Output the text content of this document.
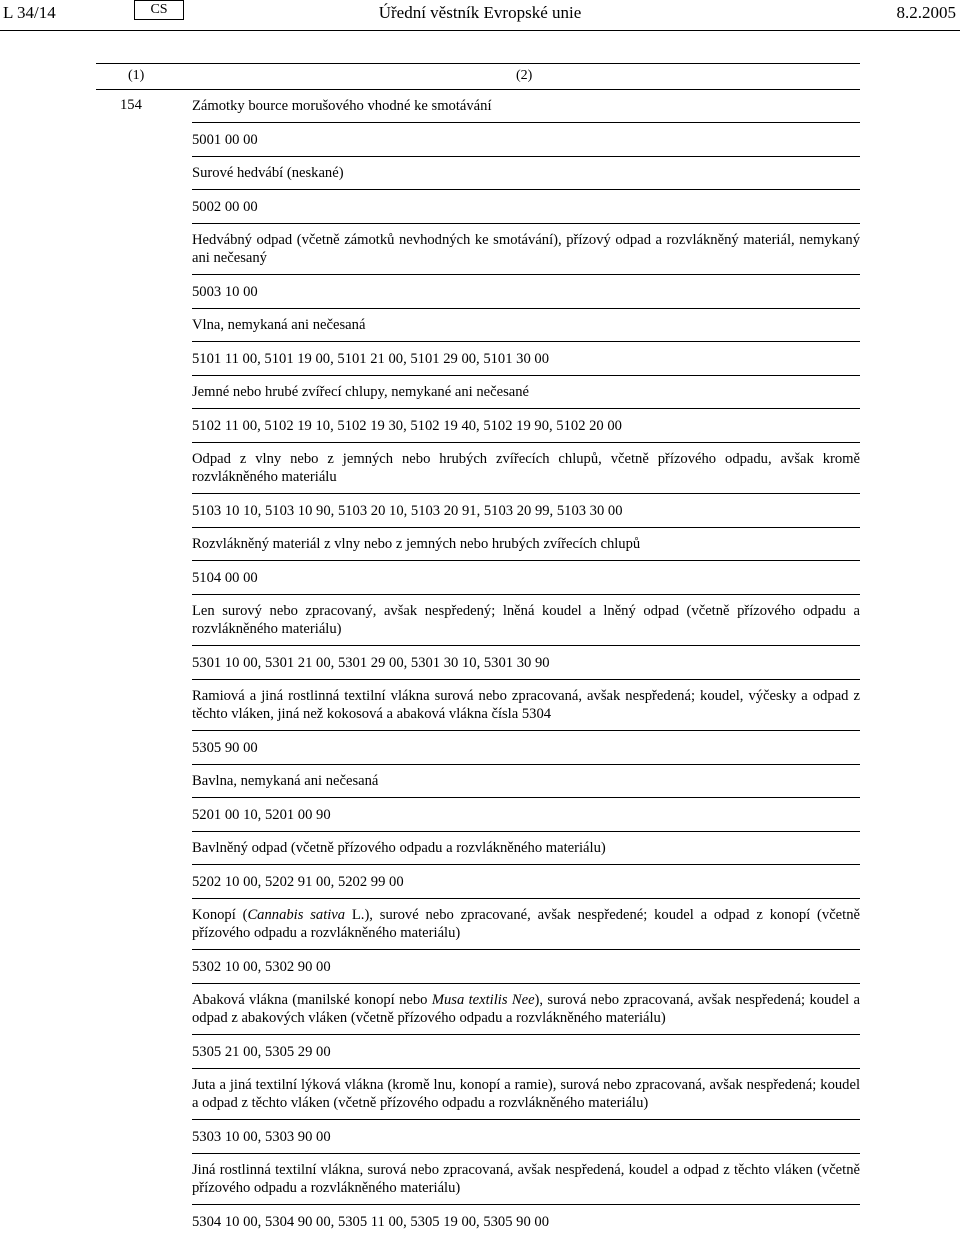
L 34/14	CS	Úřední věstník Evropské unie	8.2.2005
(1)	(2)
154	Zámotky bource morušového vhodné ke smotávání
5001 00 00
Surové hedvábí (neskané)
5002 00 00
Hedvábný odpad (včetně zámotků nevhodných ke smotávání), přízový odpad a rozvlákněný materiál, nemykaný ani nečesaný
5003 10 00
Vlna, nemykaná ani nečesaná
5101 11 00, 5101 19 00, 5101 21 00, 5101 29 00, 5101 30 00
Jemné nebo hrubé zvířecí chlupy, nemykané ani nečesané
5102 11 00, 5102 19 10, 5102 19 30, 5102 19 40, 5102 19 90, 5102 20 00
Odpad z vlny nebo z jemných nebo hrubých zvířecích chlupů, včetně přízového odpadu, avšak kromě rozvlákněného materiálu
5103 10 10, 5103 10 90, 5103 20 10, 5103 20 91, 5103 20 99, 5103 30 00
Rozvlákněný materiál z vlny nebo z jemných nebo hrubých zvířecích chlupů
5104 00 00
Len surový nebo zpracovaný, avšak nespředený; lněná koudel a lněný odpad (včetně přízového odpadu a rozvlákněného materiálu)
5301 10 00, 5301 21 00, 5301 29 00, 5301 30 10, 5301 30 90
Ramiová a jiná rostlinná textilní vlákna surová nebo zpracovaná, avšak nespředená; koudel, výčesky a odpad z těchto vláken, jiná než kokosová a abaková vlákna čísla 5304
5305 90 00
Bavlna, nemykaná ani nečesaná
5201 00 10, 5201 00 90
Bavlněný odpad (včetně přízového odpadu a rozvlákněného materiálu)
5202 10 00, 5202 91 00, 5202 99 00
Konopí (Cannabis sativa L.), surové nebo zpracované, avšak nespředené; koudel a odpad z konopí (včetně přízového odpadu a rozvlákněného materiálu)
5302 10 00, 5302 90 00
Abaková vlákna (manilské konopí nebo Musa textilis Nee), surová nebo zpracovaná, avšak nespředená; koudel a odpad z abakových vláken (včetně přízového odpadu a rozvlákněného materiálu)
5305 21 00, 5305 29 00
Juta a jiná textilní lýková vlákna (kromě lnu, konopí a ramie), surová nebo zpracovaná, avšak nespředená; koudel a odpad z těchto vláken (včetně přízového odpadu a rozvlákněného materiálu)
5303 10 00, 5303 90 00
Jiná rostlinná textilní vlákna, surová nebo zpracovaná, avšak nespředená, koudel a odpad z těchto vláken (včetně přízového odpadu a rozvlákněného materiálu)
5304 10 00, 5304 90 00, 5305 11 00, 5305 19 00, 5305 90 00
